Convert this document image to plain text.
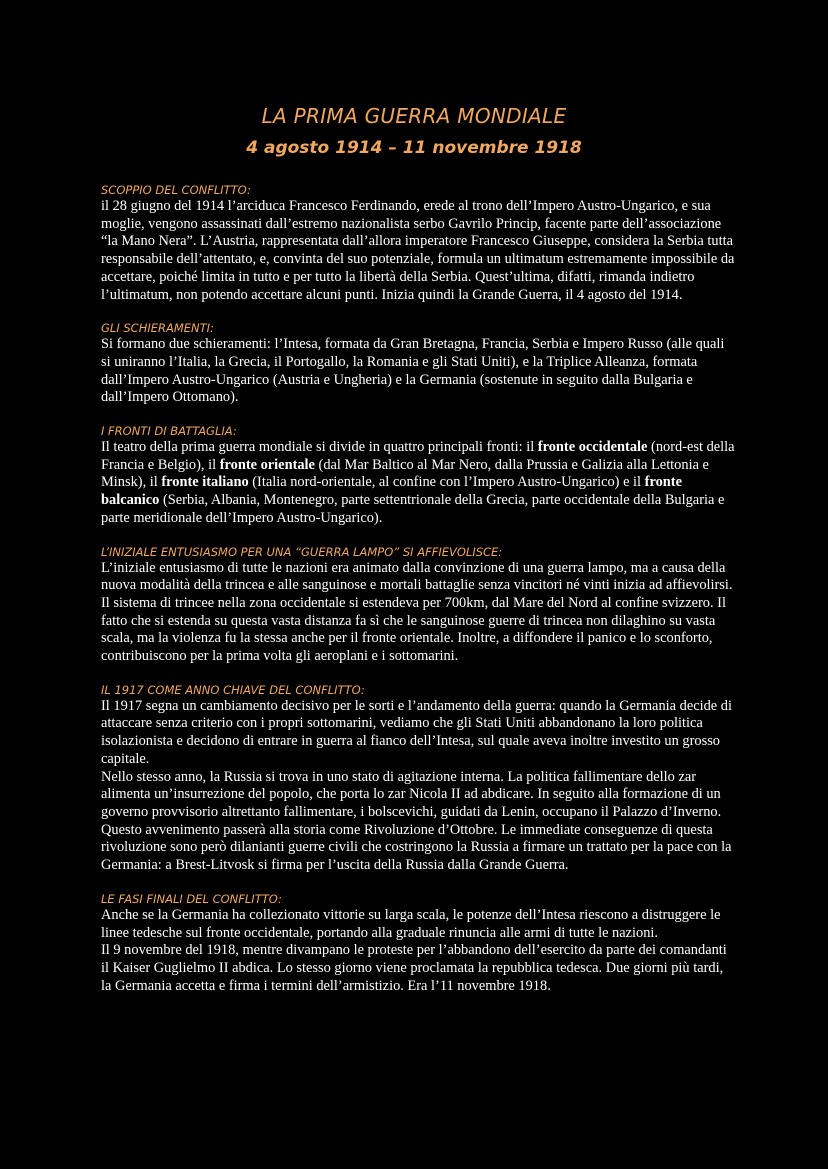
LA PRIMA GUERRA MONDIALE
4 agosto 1914 – 11 novembre 1918

SCOPPIO DEL CONFLITTO:

il 28 giugno del 1914 l’arciduca Francesco Ferdinando, erede al trono dell’Impero Austro-Ungarico, e sua moglie, vengono assassinati dall’estremo nazionalista serbo Gavrilo Princip, facente parte dell’associazione “la Mano Nera”. L’Austria, rappresentata dall’allora imperatore Francesco Giuseppe, considera la Serbia tutta responsabile dell’attentato, e, convinta del suo potenziale, formula un ultimatum estremamente impossibile da accettare, poiché limita in tutto e per tutto la libertà della Serbia. Quest’ultima, difatti, rimanda indietro l’ultimatum, non potendo accettare alcuni punti. Inizia quindi la Grande Guerra, il 4 agosto del 1914.

GLI SCHIERAMENTI:

Si formano due schieramenti: l’Intesa, formata da Gran Bretagna, Francia, Serbia e Impero Russo (alle quali si uniranno l’Italia, la Grecia, il Portogallo, la Romania e gli Stati Uniti), e la Triplice Alleanza, formata dall’Impero Austro-Ungarico (Austria e Ungheria) e la Germania (sostenute in seguito dalla Bulgaria e dall’Impero Ottomano).

I FRONTI DI BATTAGLIA:

Il teatro della prima guerra mondiale si divide in quattro principali fronti: il fronte occidentale (nord-est della Francia e Belgio), il fronte orientale (dal Mar Baltico al Mar Nero, dalla Prussia e Galizia alla Lettonia e Minsk), il fronte italiano (Italia nord-orientale, al confine con l’Impero Austro-Ungarico) e il fronte balcanico (Serbia, Albania, Montenegro, parte settentrionale della Grecia, parte occidentale della Bulgaria e parte meridionale dell’Impero Austro-Ungarico).

L’INIZIALE ENTUSIASMO PER UNA “GUERRA LAMPO” SI AFFIEVOLISCE:

L’iniziale entusiasmo di tutte le nazioni era animato dalla convinzione di una guerra lampo, ma a causa della nuova modalità della trincea e alle sanguinose e mortali battaglie senza vincitori né vinti inizia ad affievolirsi. Il sistema di trincee nella zona occidentale si estendeva per 700km, dal Mare del Nord al confine svizzero. Il fatto che si estenda su questa vasta distanza fa sì che le sanguinose guerre di trincea non dilaghino su vasta scala, ma la violenza fu la stessa anche per il fronte orientale. Inoltre, a diffondere il panico e lo sconforto, contribuiscono per la prima volta gli aeroplani e i sottomarini.

IL 1917 COME ANNO CHIAVE DEL CONFLITTO:

Il 1917 segna un cambiamento decisivo per le sorti e l’andamento della guerra: quando la Germania decide di attaccare senza criterio con i propri sottomarini, vediamo che gli Stati Uniti abbandonano la loro politica isolazionista e decidono di entrare in guerra al fianco dell’Intesa, sul quale aveva inoltre investito un grosso capitale.

Nello stesso anno, la Russia si trova in uno stato di agitazione interna. La politica fallimentare dello zar alimenta un’insurrezione del popolo, che porta lo zar Nicola II ad abdicare. In seguito alla formazione di un governo provvisorio altrettanto fallimentare, i bolscevichi, guidati da Lenin, occupano il Palazzo d’Inverno. Questo avvenimento passerà alla storia come Rivoluzione d’Ottobre. Le immediate conseguenze di questa rivoluzione sono però dilanianti guerre civili che costringono la Russia a firmare un trattato per la pace con la Germania: a Brest-Litvosk si firma per l’uscita della Russia dalla Grande Guerra.

LE FASI FINALI DEL CONFLITTO:

Anche se la Germania ha collezionato vittorie su larga scala, le potenze dell’Intesa riescono a distruggere le linee tedesche sul fronte occidentale, portando alla graduale rinuncia alle armi di tutte le nazioni.

Il 9 novembre del 1918, mentre divampano le proteste per l’abbandono dell’esercito da parte dei comandanti il Kaiser Guglielmo II abdica. Lo stesso giorno viene proclamata la repubblica tedesca. Due giorni più tardi, la Germania accetta e firma i termini dell’armistizio. Era l’11 novembre 1918.
